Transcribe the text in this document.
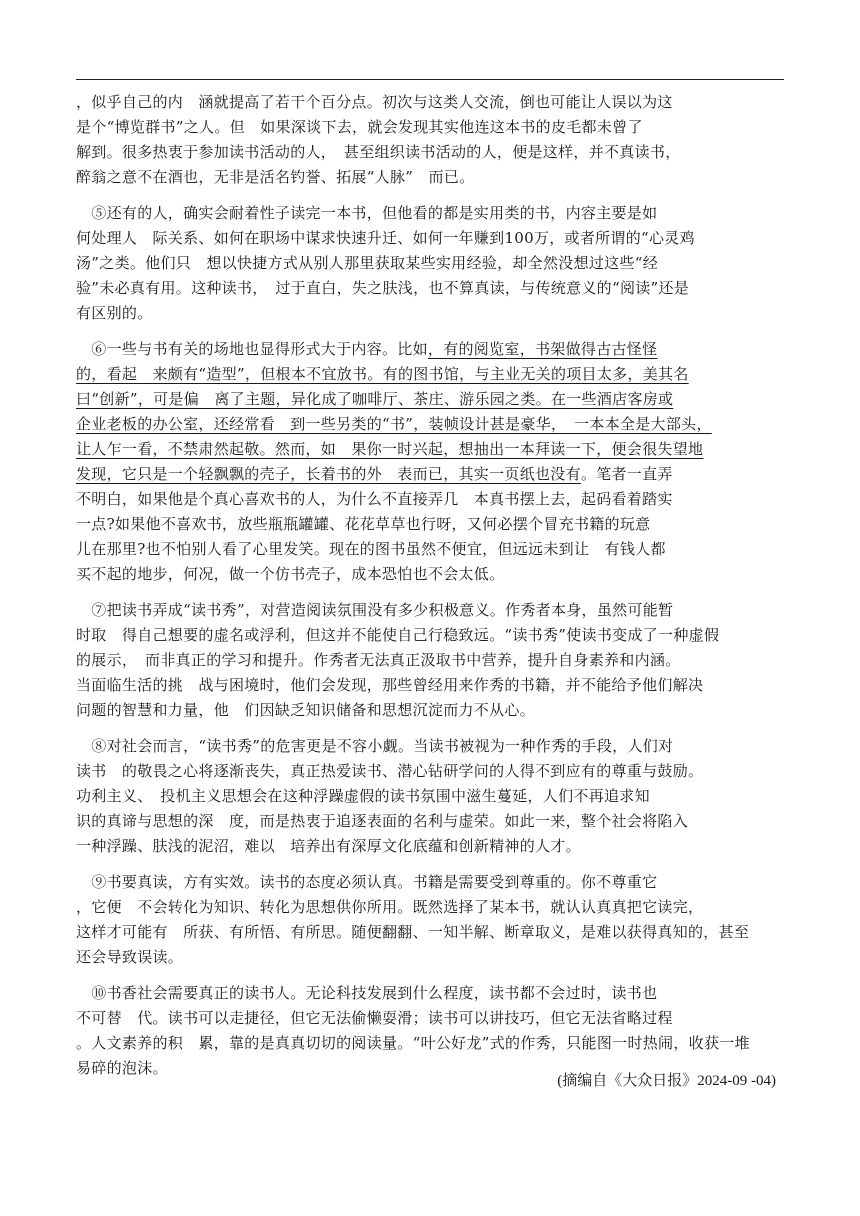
，似乎自己的内　涵就提高了若干个百分点。初次与这类人交流，倒也可能让人误以为这
是个“博览群书”之人。但　如果深谈下去，就会发现其实他连这本书的皮毛都未曾了
解到。很多热衷于参加读书活动的人，　甚至组织读书活动的人，便是这样，并不真读书，
醉翁之意不在酒也，无非是活名钓誉、拓展“人脉”　而已。
　⑤还有的人，确实会耐着性子读完一本书，但他看的都是实用类的书，内容主要是如
何处理人　际关系、如何在职场中谋求快速升迁、如何一年赚到100万，或者所谓的“心灵鸡
汤”之类。他们只　想以快捷方式从别人那里获取某些实用经验，却全然没想过这些“经
验”未必真有用。这种读书，　过于直白，失之肤浅，也不算真读，与传统意义的“阅读”还是
有区别的。
　⑥一些与书有关的场地也显得形式大于内容。比如，有的阅览室，书架做得古古怪怪
的，看起　来颇有“造型”，但根本不宜放书。有的图书馆，与主业无关的项目太多，美其名
曰“创新”，可是偏　离了主题，异化成了咖啡厅、茶庄、游乐园之类。在一些酒店客房或
企业老板的办公室，还经常看　到一些另类的“书”，装帧设计甚是豪华，　一本本全是大部头，
让人乍一看，不禁肃然起敬。然而，如　果你一时兴起，想抽出一本拜读一下，便会很失望地
发现，它只是一个轻飘飘的壳子，长着书的外　表而已，其实一页纸也没有。笔者一直弄
不明白，如果他是个真心喜欢书的人，为什么不直接弄几　本真书摆上去，起码看着踏实
一点?如果他不喜欢书，放些瓶瓶罐罐、花花草草也行呀，又何必摆个冒充书籍的玩意
儿在那里?也不怕别人看了心里发笑。现在的图书虽然不便宜，但远远未到让　有钱人都
买不起的地步，何况，做一个仿书壳子，成本恐怕也不会太低。
　⑦把读书弄成“读书秀”，对营造阅读氛围没有多少积极意义。作秀者本身，虽然可能暂
时取　得自己想要的虚名或浮利，但这并不能使自己行稳致远。“读书秀”使读书变成了一种虚假
的展示，　而非真正的学习和提升。作秀者无法真正汲取书中营养，提升自身素养和内涵。
当面临生活的挑　战与困境时，他们会发现，那些曾经用来作秀的书籍，并不能给予他们解决
问题的智慧和力量，他　们因缺乏知识储备和思想沉淀而力不从心。
　⑧对社会而言，“读书秀”的危害更是不容小觑。当读书被视为一种作秀的手段，人们对
读书　的敬畏之心将逐渐丧失，真正热爱读书、潜心钻研学问的人得不到应有的尊重与鼓励。
功利主义、　投机主义思想会在这种浮躁虚假的读书氛围中滋生蔓延，人们不再追求知
识的真谛与思想的深　度，而是热衷于追逐表面的名利与虚荣。如此一来，整个社会将陷入
一种浮躁、肤浅的泥沼，难以　培养出有深厚文化底蕴和创新精神的人才。
　⑨书要真读，方有实效。读书的态度必须认真。书籍是需要受到尊重的。你不尊重它
，它便　不会转化为知识、转化为思想供你所用。既然选择了某本书，就认认真真把它读完，
这样才可能有　所获、有所悟、有所思。随便翻翻、一知半解、断章取义，是难以获得真知的，甚至
还会导致误读。
　⑩书香社会需要真正的读书人。无论科技发展到什么程度，读书都不会过时，读书也
不可替　代。读书可以走捷径，但它无法偷懒耍滑；读书可以讲技巧，但它无法省略过程
。人文素养的积　累，靠的是真真切切的阅读量。“叶公好龙”式的作秀，只能图一时热闹，收获一堆
易碎的泡沫。
(摘编自《大众日报》2024-09 -04)
